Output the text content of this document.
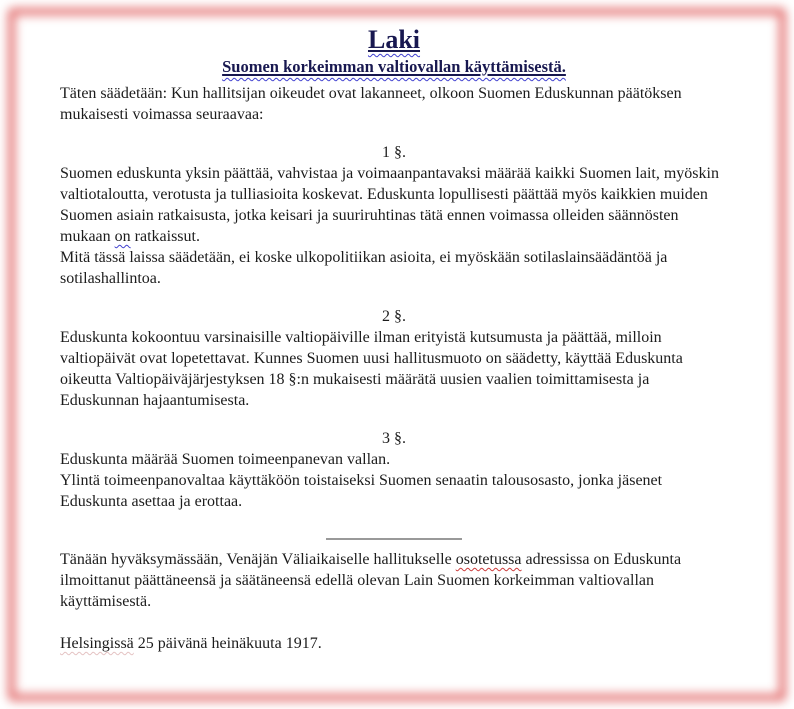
Laki
Suomen korkeimman valtiovallan käyttämisestä.

Täten säädetään: Kun hallitsijan oikeudet ovat lakanneet, olkoon Suomen Eduskunnan päätöksen mukaisesti voimassa seuraavaa:

1 §.

Suomen eduskunta yksin päättää, vahvistaa ja voimaanpantavaksi määrää kaikki Suomen lait, myöskin valtiotaloutta, verotusta ja tulliasioita koskevat. Eduskunta lopullisesti päättää myös kaikkien muiden Suomen asiain ratkaisusta, jotka keisari ja suuriruhtinas tätä ennen voimassa olleiden säännösten mukaan on ratkaissut.

Mitä tässä laissa säädetään, ei koske ulkopolitiikan asioita, ei myöskään sotilaslainsäädäntöä ja sotilashallintoa.

2 §.

Eduskunta kokoontuu varsinaisille valtiopäiville ilman erityistä kutsumusta ja päättää, milloin valtiopäivät ovat lopetettavat. Kunnes Suomen uusi hallitusmuoto on säädetty, käyttää Eduskunta oikeutta Valtiopäiväjärjestyksen 18 §:n mukaisesti määrätä uusien vaalien toimittamisesta ja Eduskunnan hajaantumisesta.

3 §.

Eduskunta määrää Suomen toimeenpanevan vallan.

Ylintä toimeenpanovaltaa käyttäköön toistaiseksi Suomen senaatin talousosasto, jonka jäsenet Eduskunta asettaa ja erottaa.

Tänään hyväksymässään, Venäjän Väliaikaiselle hallitukselle osotetussa adressissa on Eduskunta ilmoittanut päättäneensä ja säätäneensä edellä olevan Lain Suomen korkeimman valtiovallan käyttämisestä.

Helsingissä 25 päivänä heinäkuuta 1917.
